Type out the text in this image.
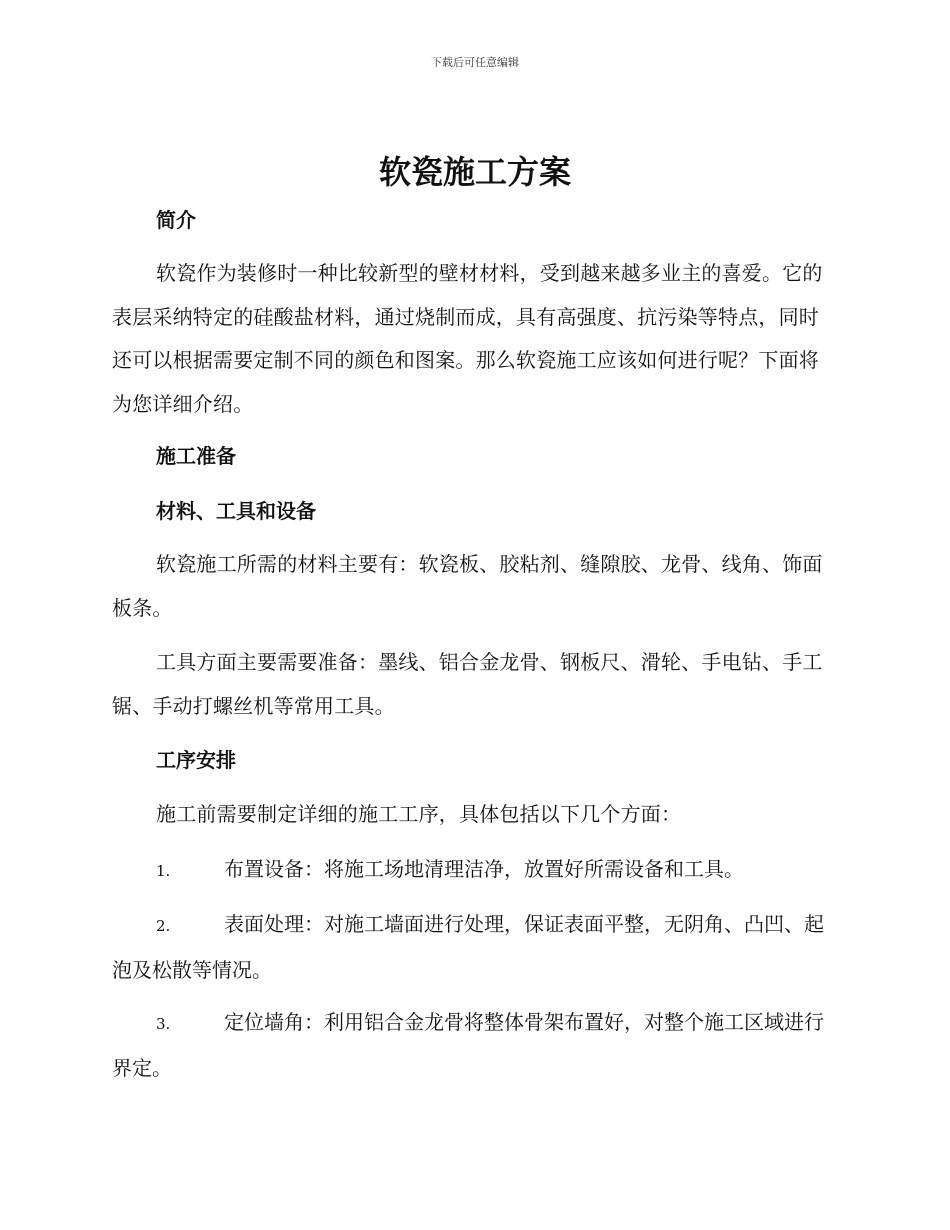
下载后可任意编辑
软瓷施工方案
简介

软瓷作为装修时一种比较新型的壁材材料，受到越来越多业主的喜爱。它的表层采纳特定的硅酸盐材料，通过烧制而成，具有高强度、抗污染等特点，同时还可以根据需要定制不同的颜色和图案。那么软瓷施工应该如何进行呢？下面将为您详细介绍。

施工准备
材料、工具和设备

软瓷施工所需的材料主要有：软瓷板、胶粘剂、缝隙胶、龙骨、线角、饰面板条。

工具方面主要需要准备：墨线、铝合金龙骨、钢板尺、滑轮、手电钻、手工锯、手动打螺丝机等常用工具。

工序安排

施工前需要制定详细的施工工序，具体包括以下几个方面：

1.	布置设备：将施工场地清理洁净，放置好所需设备和工具。

2.	表面处理：对施工墙面进行处理，保证表面平整，无阴角、凸凹、起泡及松散等情况。

3.	定位墙角：利用铝合金龙骨将整体骨架布置好，对整个施工区域进行界定。
